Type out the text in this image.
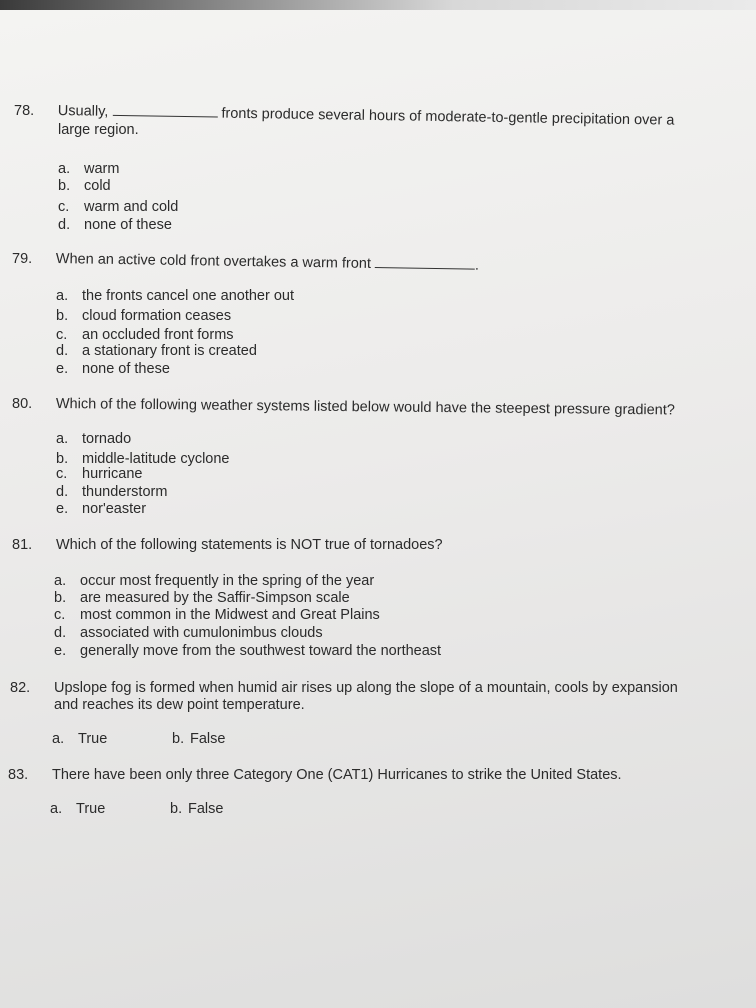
78. Usually,	fronts produce several hours of moderate-to-gentle precipitation over a
large region.
a. warm
b. cold
c. warm and cold
d. none of these
79. When an active cold front overtakes a warm front	.
a. the fronts cancel one another out
b. cloud formation ceases
c. an occluded front forms
d. a stationary front is created
e. none of these
80. Which of the following weather systems listed below would have the steepest pressure gradient?
a. tornado
b. middle-latitude cyclone
c. hurricane
d. thunderstorm
e. nor'easter
81. Which of the following statements is NOT true of tornadoes?
a. occur most frequently in the spring of the year
b. are measured by the Saffir-Simpson scale
c. most common in the Midwest and Great Plains
d. associated with cumulonimbus clouds
e. generally move from the southwest toward the northeast
82. Upslope fog is formed when humid air rises up along the slope of a mountain, cools by expansion
and reaches its dew point temperature.
a. True	b. False
83. There have been only three Category One (CAT1) Hurricanes to strike the United States.
a. True	b. False
